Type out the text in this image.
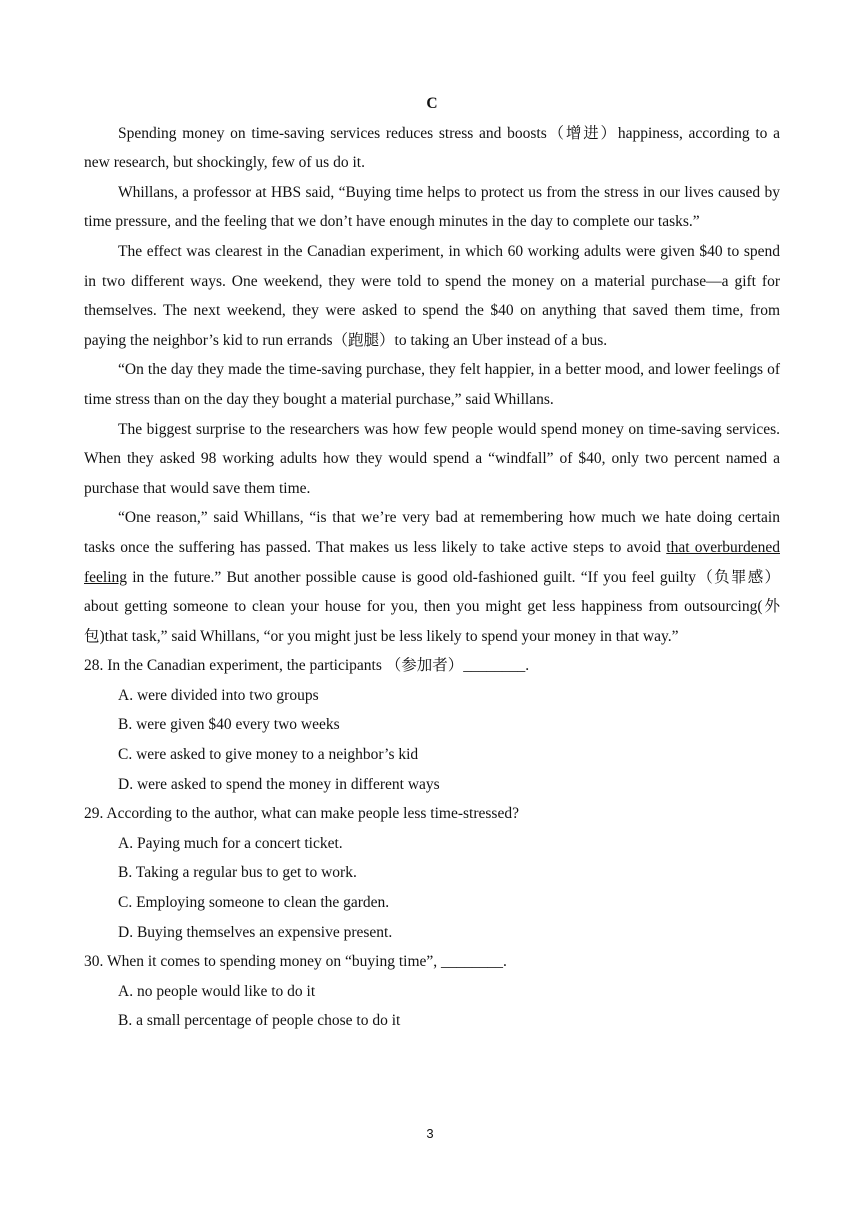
C

Spending money on time-saving services reduces stress and boosts（增进）happiness, according to a new research, but shockingly, few of us do it.

Whillans, a professor at HBS said, “Buying time helps to protect us from the stress in our lives caused by time pressure, and the feeling that we don’t have enough minutes in the day to complete our tasks.”

The effect was clearest in the Canadian experiment, in which 60 working adults were given $40 to spend in two different ways. One weekend, they were told to spend the money on a material purchase—a gift for themselves. The next weekend, they were asked to spend the $40 on anything that saved them time, from paying the neighbor’s kid to run errands（跑腿）to taking an Uber instead of a bus.

“On the day they made the time-saving purchase, they felt happier, in a better mood, and lower feelings of time stress than on the day they bought a material purchase,” said Whillans.

The biggest surprise to the researchers was how few people would spend money on time-saving services. When they asked 98 working adults how they would spend a “windfall” of $40, only two percent named a purchase that would save them time.

“One reason,” said Whillans, “is that we’re very bad at remembering how much we hate doing certain tasks once the suffering has passed. That makes us less likely to take active steps to avoid that overburdened feeling in the future.” But another possible cause is good old-fashioned guilt. “If you feel guilty（负罪感） about getting someone to clean your house for you, then you might get less happiness from outsourcing(外包)that task,” said Whillans, “or you might just be less likely to spend your money in that way.”

28. In the Canadian experiment, the participants （参加者）________.

A. were divided into two groups

B. were given $40 every two weeks

C. were asked to give money to a neighbor’s kid

D. were asked to spend the money in different ways

29. According to the author, what can make people less time-stressed?

A. Paying much for a concert ticket.

B. Taking a regular bus to get to work.

C. Employing someone to clean the garden.

D. Buying themselves an expensive present.

30. When it comes to spending money on “buying time”, ________.

A. no people would like to do it

B. a small percentage of people chose to do it

3
